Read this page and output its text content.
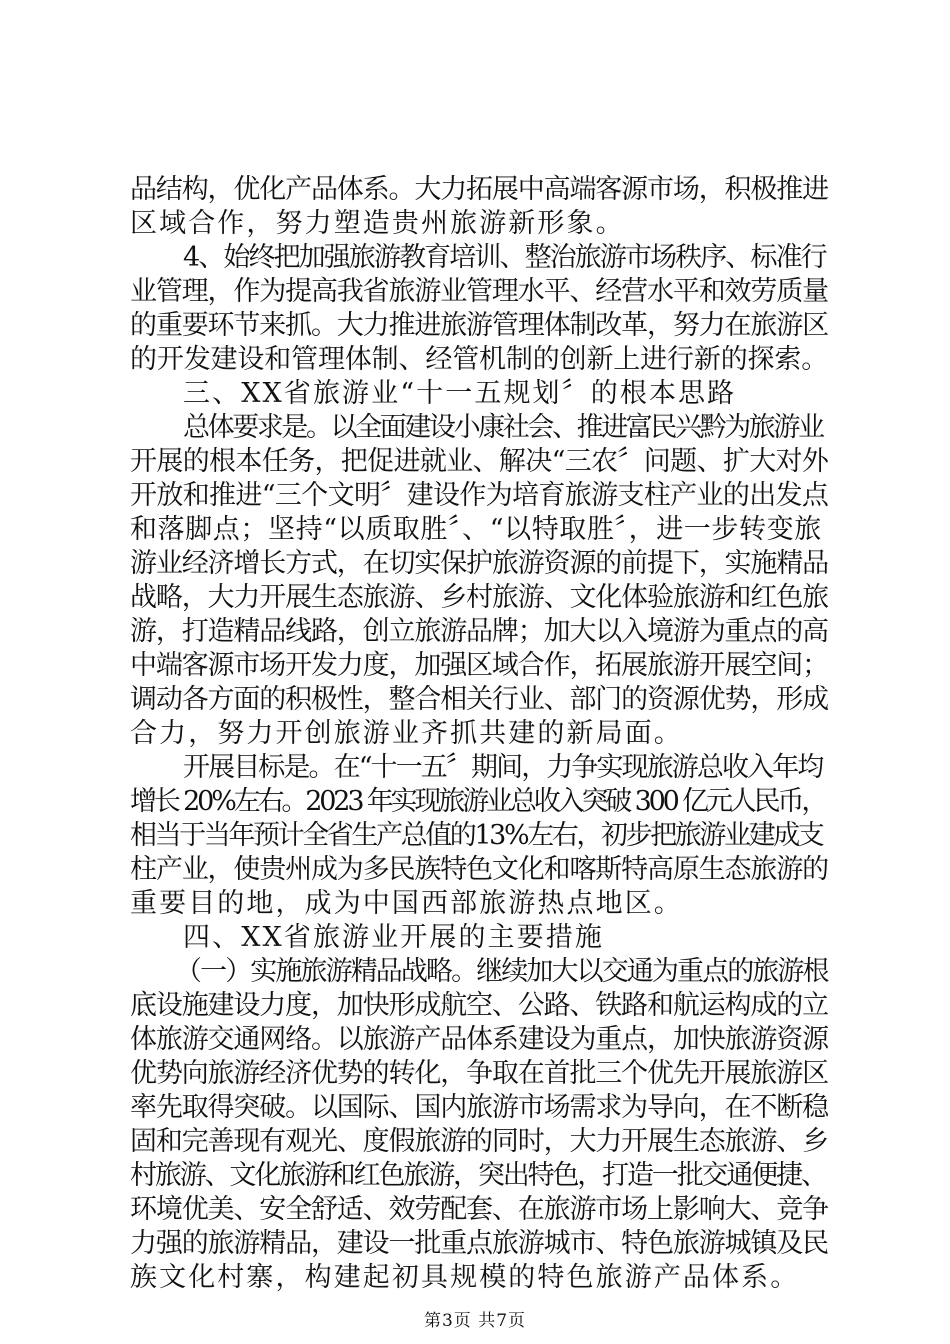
品结构，优化产品体系。大力拓展中高端客源市场，积极推进
区域合作，努力塑造贵州旅游新形象。
4、始终把加强旅游教育培训、整治旅游市场秩序、标准行
业管理，作为提高我省旅游业管理水平、经营水平和效劳质量
的重要环节来抓。大力推进旅游管理体制改革，努力在旅游区
的开发建设和管理体制、经管机制的创新上进行新的探索。
三、XX省旅游业“十一五规划〞的根本思路
总体要求是。以全面建设小康社会、推进富民兴黔为旅游业
开展的根本任务，把促进就业、解决“三农〞问题、扩大对外
开放和推进“三个文明〞建设作为培育旅游支柱产业的出发点
和落脚点；坚持“以质取胜〞、“以特取胜〞，进一步转变旅
游业经济增长方式，在切实保护旅游资源的前提下，实施精品
战略，大力开展生态旅游、乡村旅游、文化体验旅游和红色旅
游，打造精品线路，创立旅游品牌；加大以入境游为重点的高
中端客源市场开发力度，加强区域合作，拓展旅游开展空间；
调动各方面的积极性，整合相关行业、部门的资源优势，形成
合力，努力开创旅游业齐抓共建的新局面。
开展目标是。在“十一五〞期间，力争实现旅游总收入年均
增长 20%左右。2023 年实现旅游业总收入突破 300 亿元人民币，
相当于当年预计全省生产总值的13%左右，初步把旅游业建成支
柱产业，使贵州成为多民族特色文化和喀斯特高原生态旅游的
重要目的地，成为中国西部旅游热点地区。
四、XX省旅游业开展的主要措施
（一）实施旅游精品战略。继续加大以交通为重点的旅游根
底设施建设力度，加快形成航空、公路、铁路和航运构成的立
体旅游交通网络。以旅游产品体系建设为重点，加快旅游资源
优势向旅游经济优势的转化，争取在首批三个优先开展旅游区
率先取得突破。以国际、国内旅游市场需求为导向，在不断稳
固和完善现有观光、度假旅游的同时，大力开展生态旅游、乡
村旅游、文化旅游和红色旅游，突出特色，打造一批交通便捷、
环境优美、安全舒适、效劳配套、在旅游市场上影响大、竞争
力强的旅游精品，建设一批重点旅游城市、特色旅游城镇及民
族文化村寨，构建起初具规模的特色旅游产品体系。
第3页 共7页
